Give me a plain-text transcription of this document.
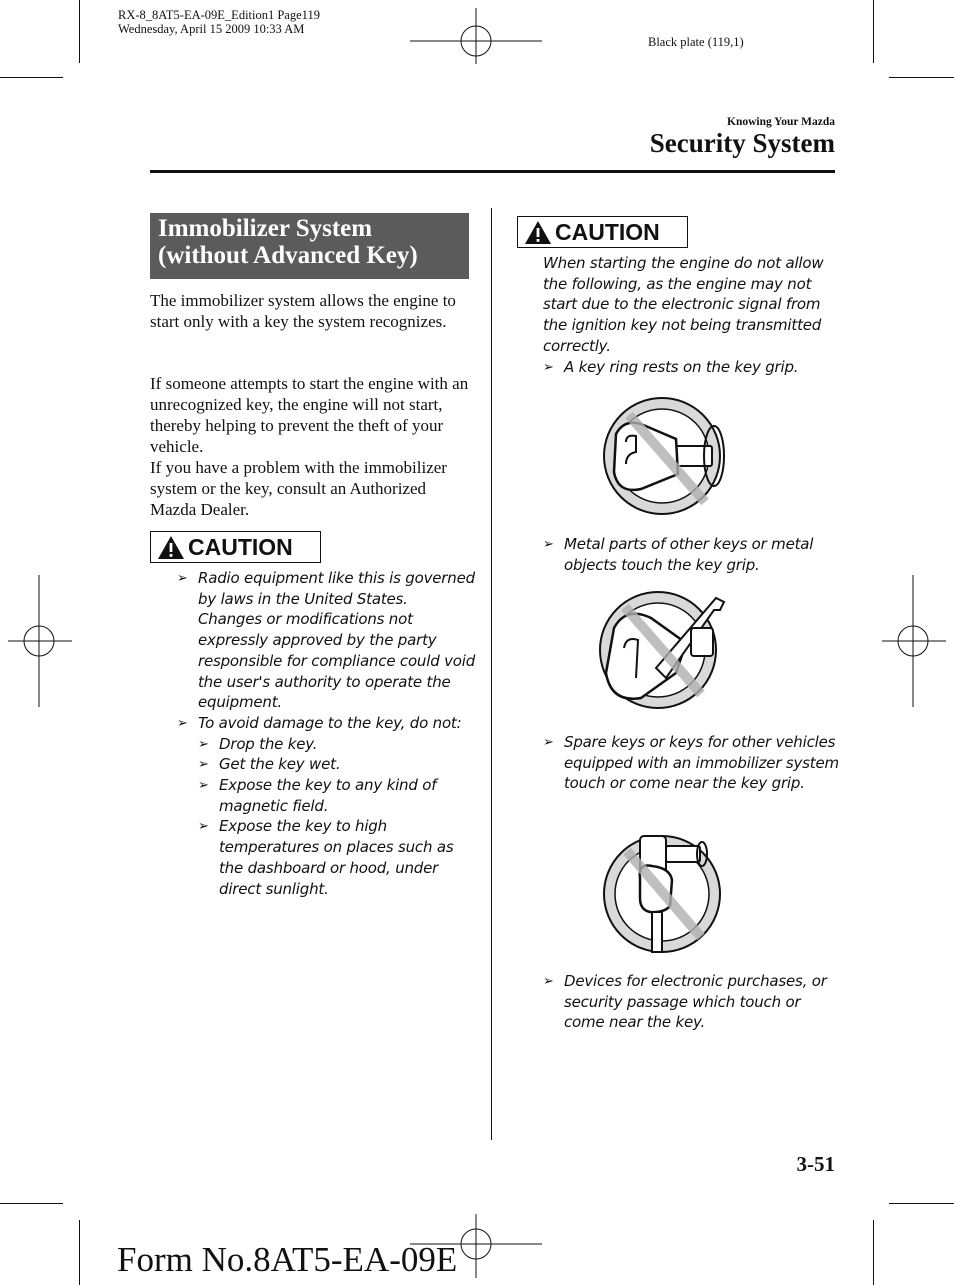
RX-8_8AT5-EA-09E_Edition1 Page119
Wednesday, April 15 2009 10:33 AM
Black plate (119,1)
Knowing Your Mazda
Security System
Immobilizer System
(without Advanced Key)
The immobilizer system allows the engine to start only with a key the system recognizes.
If someone attempts to start the engine with an unrecognized key, the engine will not start, thereby helping to prevent the theft of your vehicle.
If you have a problem with the immobilizer system or the key, consult an Authorized Mazda Dealer.
CAUTION
➢ Radio equipment like this is governed by laws in the United States.
Changes or modifications not expressly approved by the party responsible for compliance could void the user's authority to operate the equipment.
➢ To avoid damage to the key, do not:
➢ Drop the key.
➢ Get the key wet.
➢ Expose the key to any kind of magnetic field.
➢ Expose the key to high temperatures on places such as the dashboard or hood, under direct sunlight.
CAUTION
When starting the engine do not allow the following, as the engine may not start due to the electronic signal from the ignition key not being transmitted correctly.
➢ A key ring rests on the key grip.
➢ Metal parts of other keys or metal objects touch the key grip.
➢ Spare keys or keys for other vehicles equipped with an immobilizer system touch or come near the key grip.
➢ Devices for electronic purchases, or security passage which touch or come near the key.
3-51
Form No.8AT5-EA-09E
